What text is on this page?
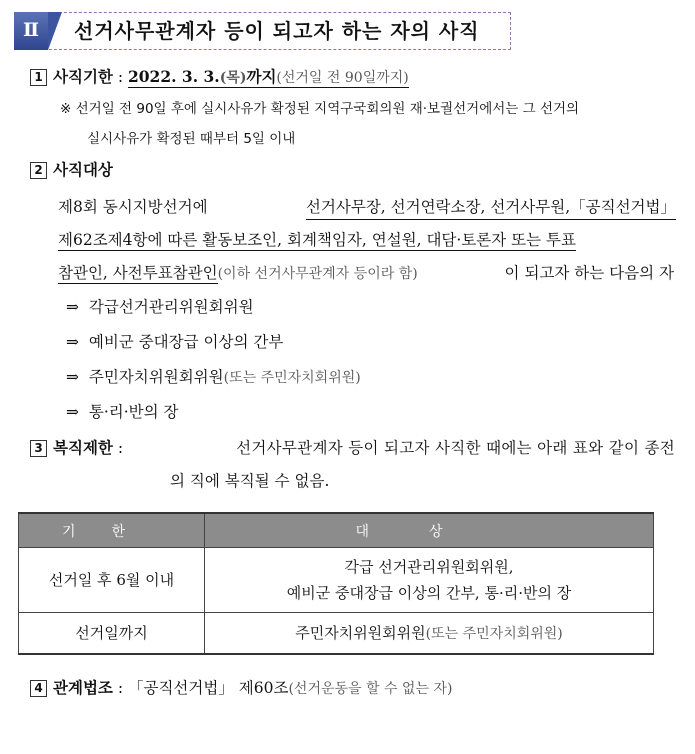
Ⅱ	선거사무관계자 등이 되고자 하는 자의 사직
1 사직기한 : 2022. 3. 3.(목)까지(선거일 전 90일까지)
※ 선거일 전 90일 후에 실시사유가 확정된 지역구국회의원 재·보궐선거에서는 그 선거의
실시사유가 확정된 때부터 5일 이내
2 사직대상
제8회 동시지방선거에	선거사무장, 선거연락소장, 선거사무원,「공직선거법」
제62조제4항에 따른 활동보조인, 회계책임자, 연설원, 대담·토론자 또는 투표
참관인, 사전투표참관인(이하 선거사무관계자 등이라 함)	이 되고자 하는 다음의 자
⇒ 각급선거관리위원회위원
⇒ 예비군 중대장급 이상의 간부
⇒ 주민자치위원회위원(또는 주민자치회위원)
⇒ 통·리·반의 장
3 복직제한 :	선거사무관계자 등이 되고자 사직한 때에는 아래 표와 같이 종전
의 직에 복직될 수 없음.
기한	대상
선거일 후 6월 이내	각급 선거관리위원회위원,
예비군 중대장급 이상의 간부, 통·리·반의 장

선거일까지	주민자치위원회위원(또는 주민자치회위원)
4 관계법조 : 「공직선거법」 제60조(선거운동을 할 수 없는 자)
